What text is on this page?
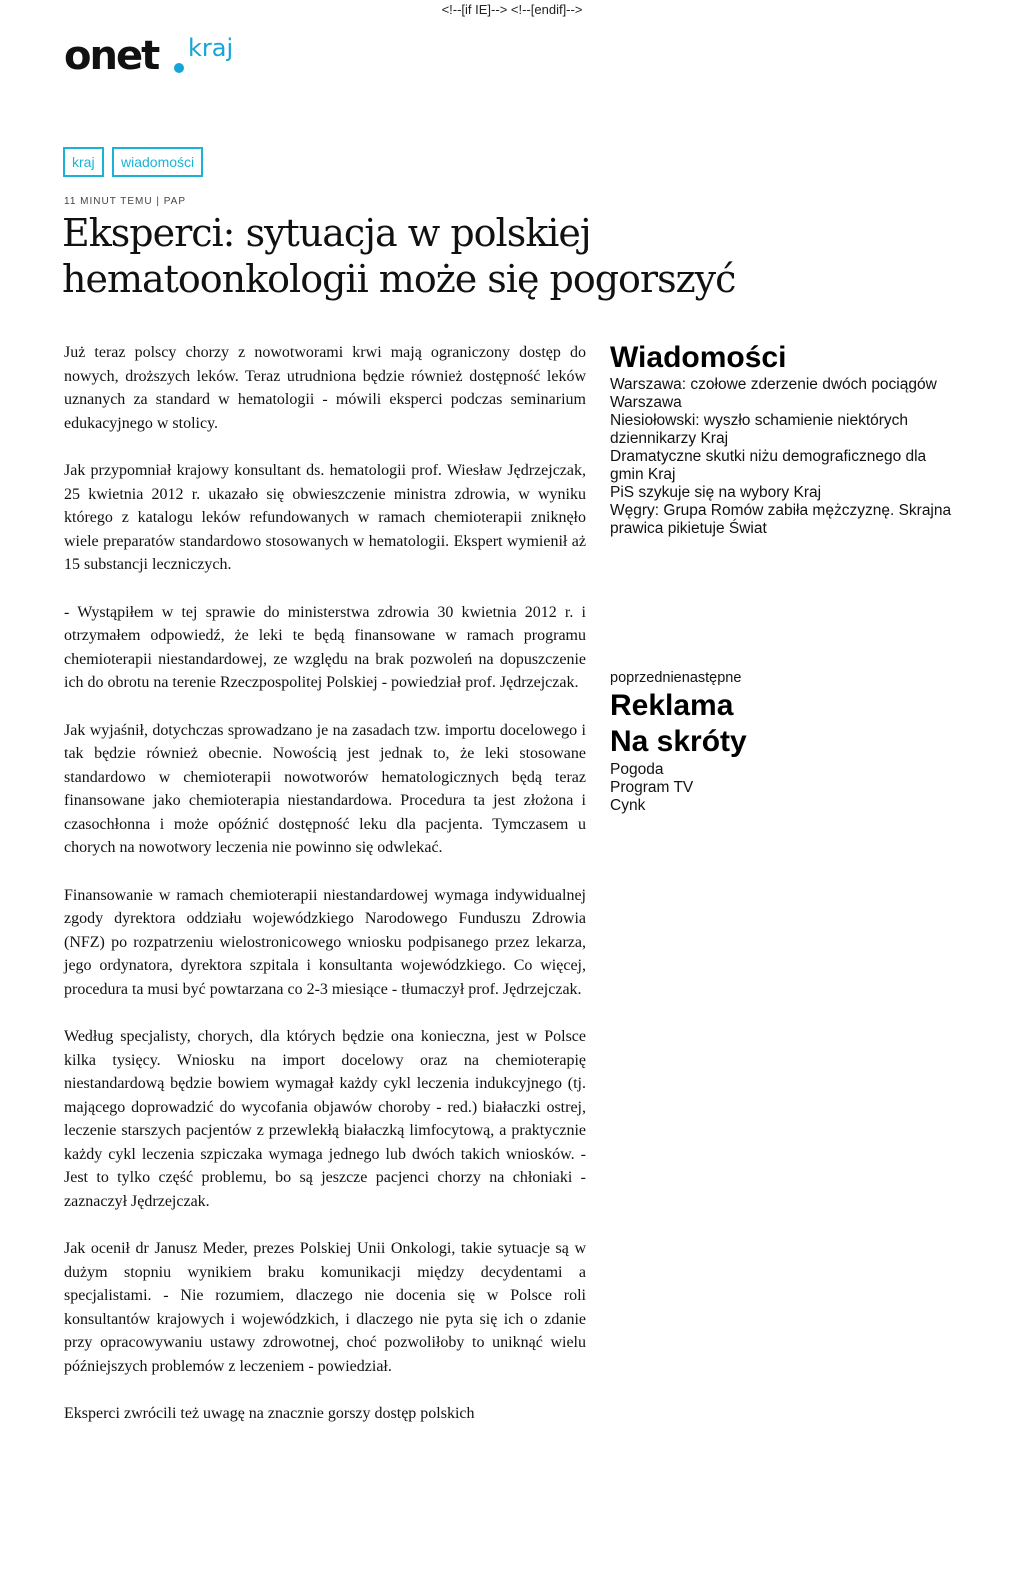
<!--[if IE]--> <!--[endif]-->
onet kraj
kraj wiadomości
11 MINUT TEMU | PAP
Eksperci: sytuacja w polskiej hematoonkologii może się pogorszyć

Już teraz polscy chorzy z nowotworami krwi mają ograniczony dostęp do nowych, droższych leków. Teraz utrudniona będzie również dostępność leków uznanych za standard w hematologii - mówili eksperci podczas seminarium edukacyjnego w stolicy.

Jak przypomniał krajowy konsultant ds. hematologii prof. Wiesław Jędrzejczak, 25 kwietnia 2012 r. ukazało się obwieszczenie ministra zdrowia, w wyniku którego z katalogu leków refundowanych w ramach chemioterapii zniknęło wiele preparatów standardowo stosowanych w hematologii. Ekspert wymienił aż 15 substancji leczniczych.

- Wystąpiłem w tej sprawie do ministerstwa zdrowia 30 kwietnia 2012 r. i otrzymałem odpowiedź, że leki te będą finansowane w ramach programu chemioterapii niestandardowej, ze względu na brak pozwoleń na dopuszczenie ich do obrotu na terenie Rzeczpospolitej Polskiej - powiedział prof. Jędrzejczak.

Jak wyjaśnił, dotychczas sprowadzano je na zasadach tzw. importu docelowego i tak będzie również obecnie. Nowością jest jednak to, że leki stosowane standardowo w chemioterapii nowotworów hematologicznych będą teraz finansowane jako chemioterapia niestandardowa. Procedura ta jest złożona i czasochłonna i może opóźnić dostępność leku dla pacjenta. Tymczasem u chorych na nowotwory leczenia nie powinno się odwlekać.

Finansowanie w ramach chemioterapii niestandardowej wymaga indywidualnej zgody dyrektora oddziału wojewódzkiego Narodowego Funduszu Zdrowia (NFZ) po rozpatrzeniu wielostronicowego wniosku podpisanego przez lekarza, jego ordynatora, dyrektora szpitala i konsultanta wojewódzkiego. Co więcej, procedura ta musi być powtarzana co 2-3 miesiące - tłumaczył prof. Jędrzejczak.

Według specjalisty, chorych, dla których będzie ona konieczna, jest w Polsce kilka tysięcy. Wniosku na import docelowy oraz na chemioterapię niestandardową będzie bowiem wymagał każdy cykl leczenia indukcyjnego (tj. mającego doprowadzić do wycofania objawów choroby - red.) białaczki ostrej, leczenie starszych pacjentów z przewlekłą białaczką limfocytową, a praktycznie każdy cykl leczenia szpiczaka wymaga jednego lub dwóch takich wniosków. - Jest to tylko część problemu, bo są jeszcze pacjenci chorzy na chłoniaki - zaznaczył Jędrzejczak.

Jak ocenił dr Janusz Meder, prezes Polskiej Unii Onkologi, takie sytuacje są w dużym stopniu wynikiem braku komunikacji między decydentami a specjalistami. - Nie rozumiem, dlaczego nie docenia się w Polsce roli konsultantów krajowych i wojewódzkich, i dlaczego nie pyta się ich o zdanie przy opracowywaniu ustawy zdrowotnej, choć pozwoliłoby to uniknąć wielu późniejszych problemów z leczeniem - powiedział.

Eksperci zwrócili też uwagę na znacznie gorszy dostęp polskich

Wiadomości
Warszawa: czołowe zderzenie dwóch pociągów Warszawa
Niesiołowski: wyszło schamienie niektórych dziennikarzy Kraj
Dramatyczne skutki niżu demograficznego dla gmin Kraj
PiS szykuje się na wybory Kraj
Węgry: Grupa Romów zabiła mężczyznę. Skrajna prawica pikietuje Świat
poprzednienastępne
Reklama
Na skróty
Pogoda
Program TV
Cynk
